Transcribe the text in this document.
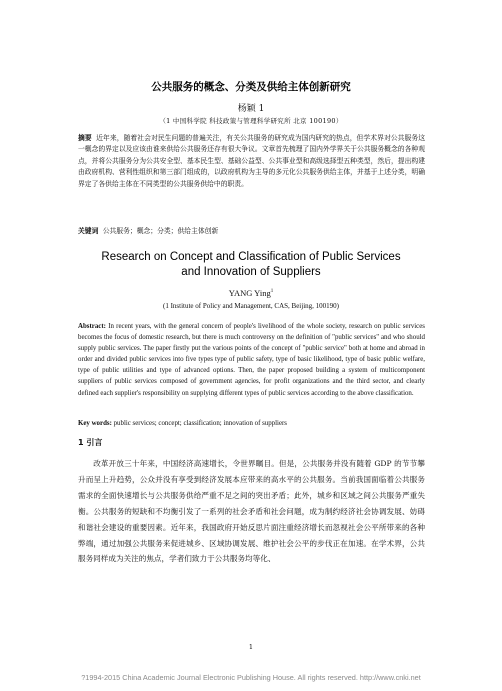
公共服务的概念、分类及供给主体创新研究
杨颖 1
（1 中国科学院 科技政策与管理科学研究所 北京 100190）
摘要 近年来，随着社会对民生问题的普遍关注，有关公共服务的研究成为国内研究的热点，但学术界对公共服务这一概念的界定以及应该由谁来供给公共服务还存有很大争议。文章首先梳理了国内外学界关于公共服务概念的各种观点，并将公共服务分为公共安全型、基本民生型、基础公益型、公共事业型和高级选择型五种类型，然后，提出构建由政府机构、营利性组织和第三部门组成的，以政府机构为主导的多元化公共服务供给主体，并基于上述分类，明确界定了各供给主体在不同类型的公共服务供给中的职责。
关键词 公共服务；概念；分类；供给主体创新
Research on Concept and Classification of Public Services
and Innovation of Suppliers
YANG Ying$^1$
(1 Institute of Policy and Management, CAS, Beijing, 100190)
Abstract: In recent years, with the general concern of people's livelihood of the whole society, research on public services becomes the focus of domestic research, but there is much controversy on the definition of "public services" and who should supply public services. The paper firstly put the various points of the concept of "public service" both at home and abroad in order and divided public services into five types type of public safety, type of basic likelihood, type of basic public welfare, type of public utilities and type of advanced options. Then, the paper proposed building a system of multicomponent suppliers of public services composed of government agencies, for profit organizations and the third sector, and clearly defined each supplier's responsibility on supplying different types of public services according to the above classification.
Key words: public services; concept; classification; innovation of suppliers
1 引言

改革开放三十年来，中国经济高速增长，令世界瞩目。但是，公共服务并没有随着 GDP 的节节攀升而呈上升趋势，公众并没有享受到经济发展本应带来的高水平的公共服务。当前我国面临着公共服务需求的全面快速增长与公共服务供给严重不足之间的突出矛盾；此外，城乡和区域之间公共服务严重失衡。公共服务的短缺和不均衡引发了一系列的社会矛盾和社会问题，成为制约经济社会协调发展、妨碍和谐社会建设的重要因素。近年来，我国政府开始反思片面注重经济增长而忽视社会公平所带来的各种弊端，通过加强公共服务来促进城乡、区域协调发展、维护社会公平的步伐正在加速。在学术界，公共服务同样成为关注的焦点，学者们致力于公共服务均等化、

1
?1994-2015 China Academic Journal Electronic Publishing House. All rights reserved. http://www.cnki.net
